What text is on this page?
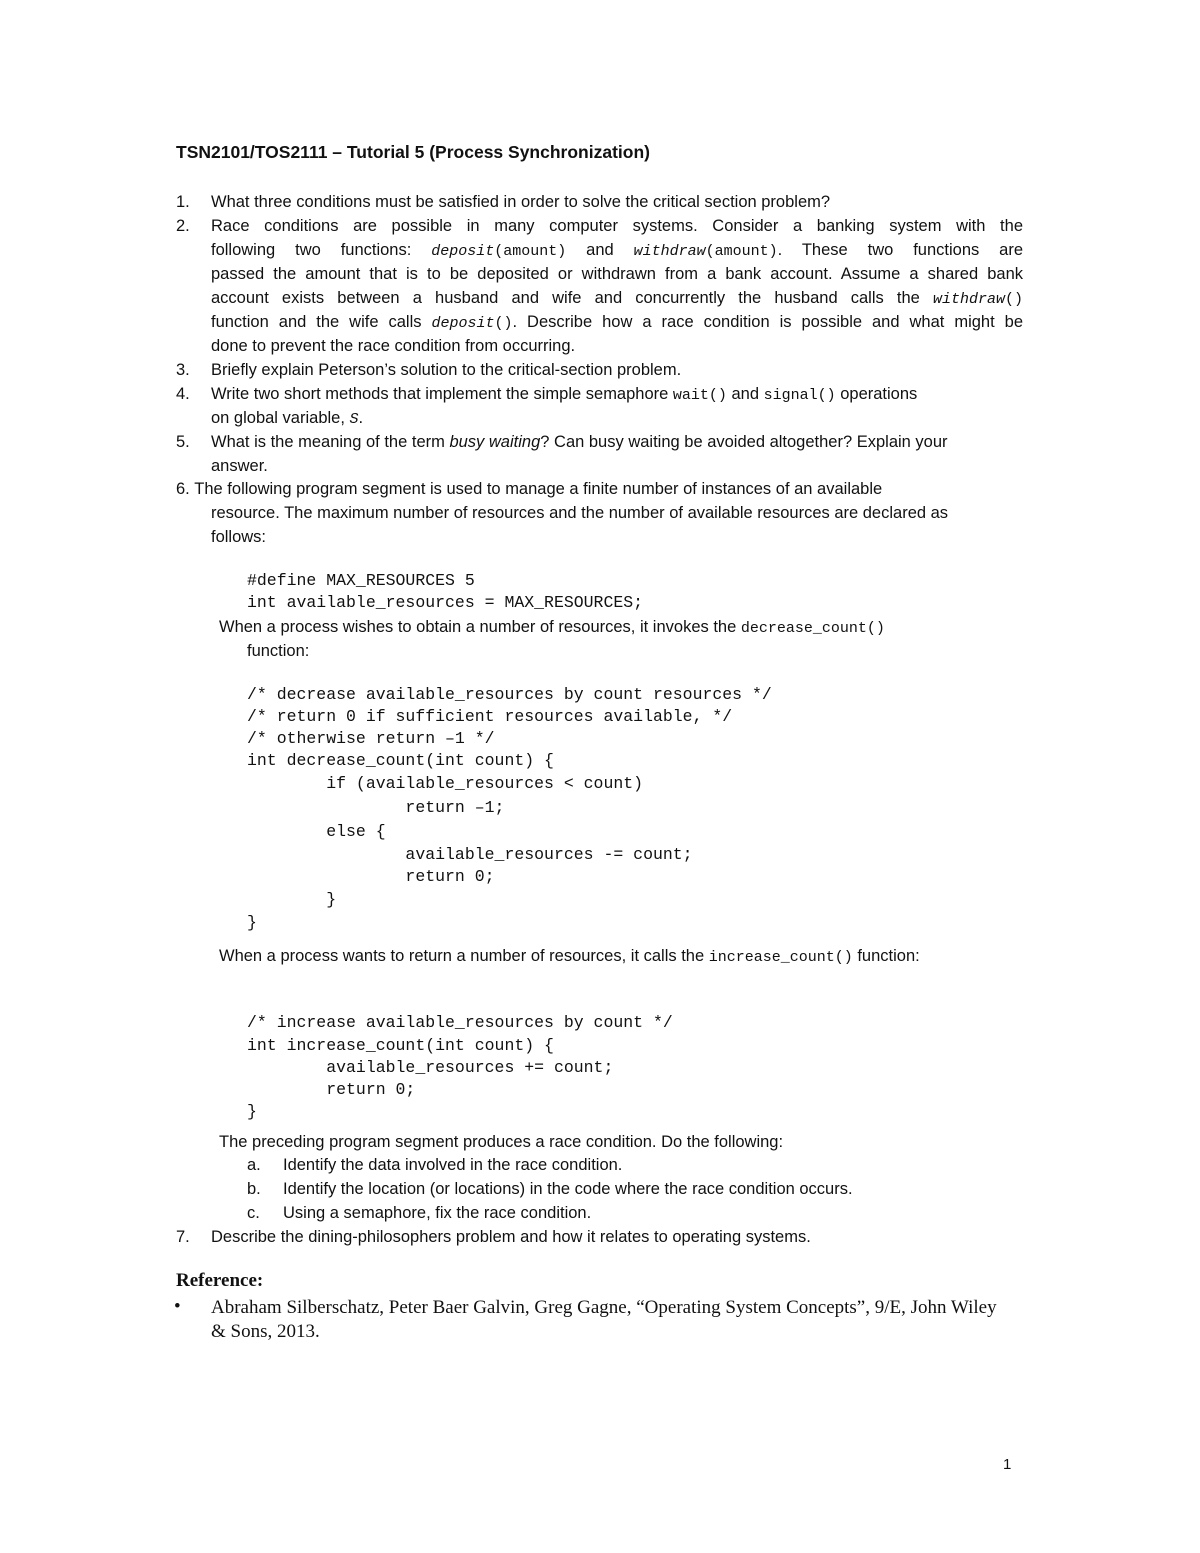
TSN2101/TOS2111 – Tutorial 5 (Process Synchronization)
1.	What three conditions must be satisfied in order to solve the critical section problem?
2.	Race conditions are possible in many computer systems. Consider a banking system with the
following two functions: deposit(amount) and withdraw(amount). These two functions are
passed the amount that is to be deposited or withdrawn from a bank account. Assume a shared bank
account exists between a husband and wife and concurrently the husband calls the withdraw()
function and the wife calls deposit(). Describe how a race condition is possible and what might be
done to prevent the race condition from occurring.
3.	Briefly explain Peterson’s solution to the critical-section problem.
4.	Write two short methods that implement the simple semaphore wait() and signal() operations
on global variable, S.
5.	What is the meaning of the term busy waiting? Can busy waiting be avoided altogether? Explain your
answer.
6. The following program segment is used to manage a finite number of instances of an available
resource. The maximum number of resources and the number of available resources are declared as
follows:

#define MAX_RESOURCES 5
int available_resources = MAX_RESOURCES;
When a process wishes to obtain a number of resources, it invokes the decrease_count()
function:

/* decrease available_resources by count resources */
/* return 0 if sufficient resources available, */
/* otherwise return –1 */
int decrease_count(int count) {
if (available_resources < count)
return –1;
else {
available_resources -= count;
return 0;
}
}
When a process wants to return a number of resources, it calls the increase_count() function:

/* increase available_resources by count */
int increase_count(int count) {
available_resources += count;
return 0;
}
The preceding program segment produces a race condition. Do the following:
a. Identify the data involved in the race condition.
b. Identify the location (or locations) in the code where the race condition occurs.
c. Using a semaphore, fix the race condition.
7.	Describe the dining-philosophers problem and how it relates to operating systems.
Reference:
• Abraham Silberschatz, Peter Baer Galvin, Greg Gagne, “Operating System Concepts”, 9/E, John Wiley & Sons, 2013.
1
